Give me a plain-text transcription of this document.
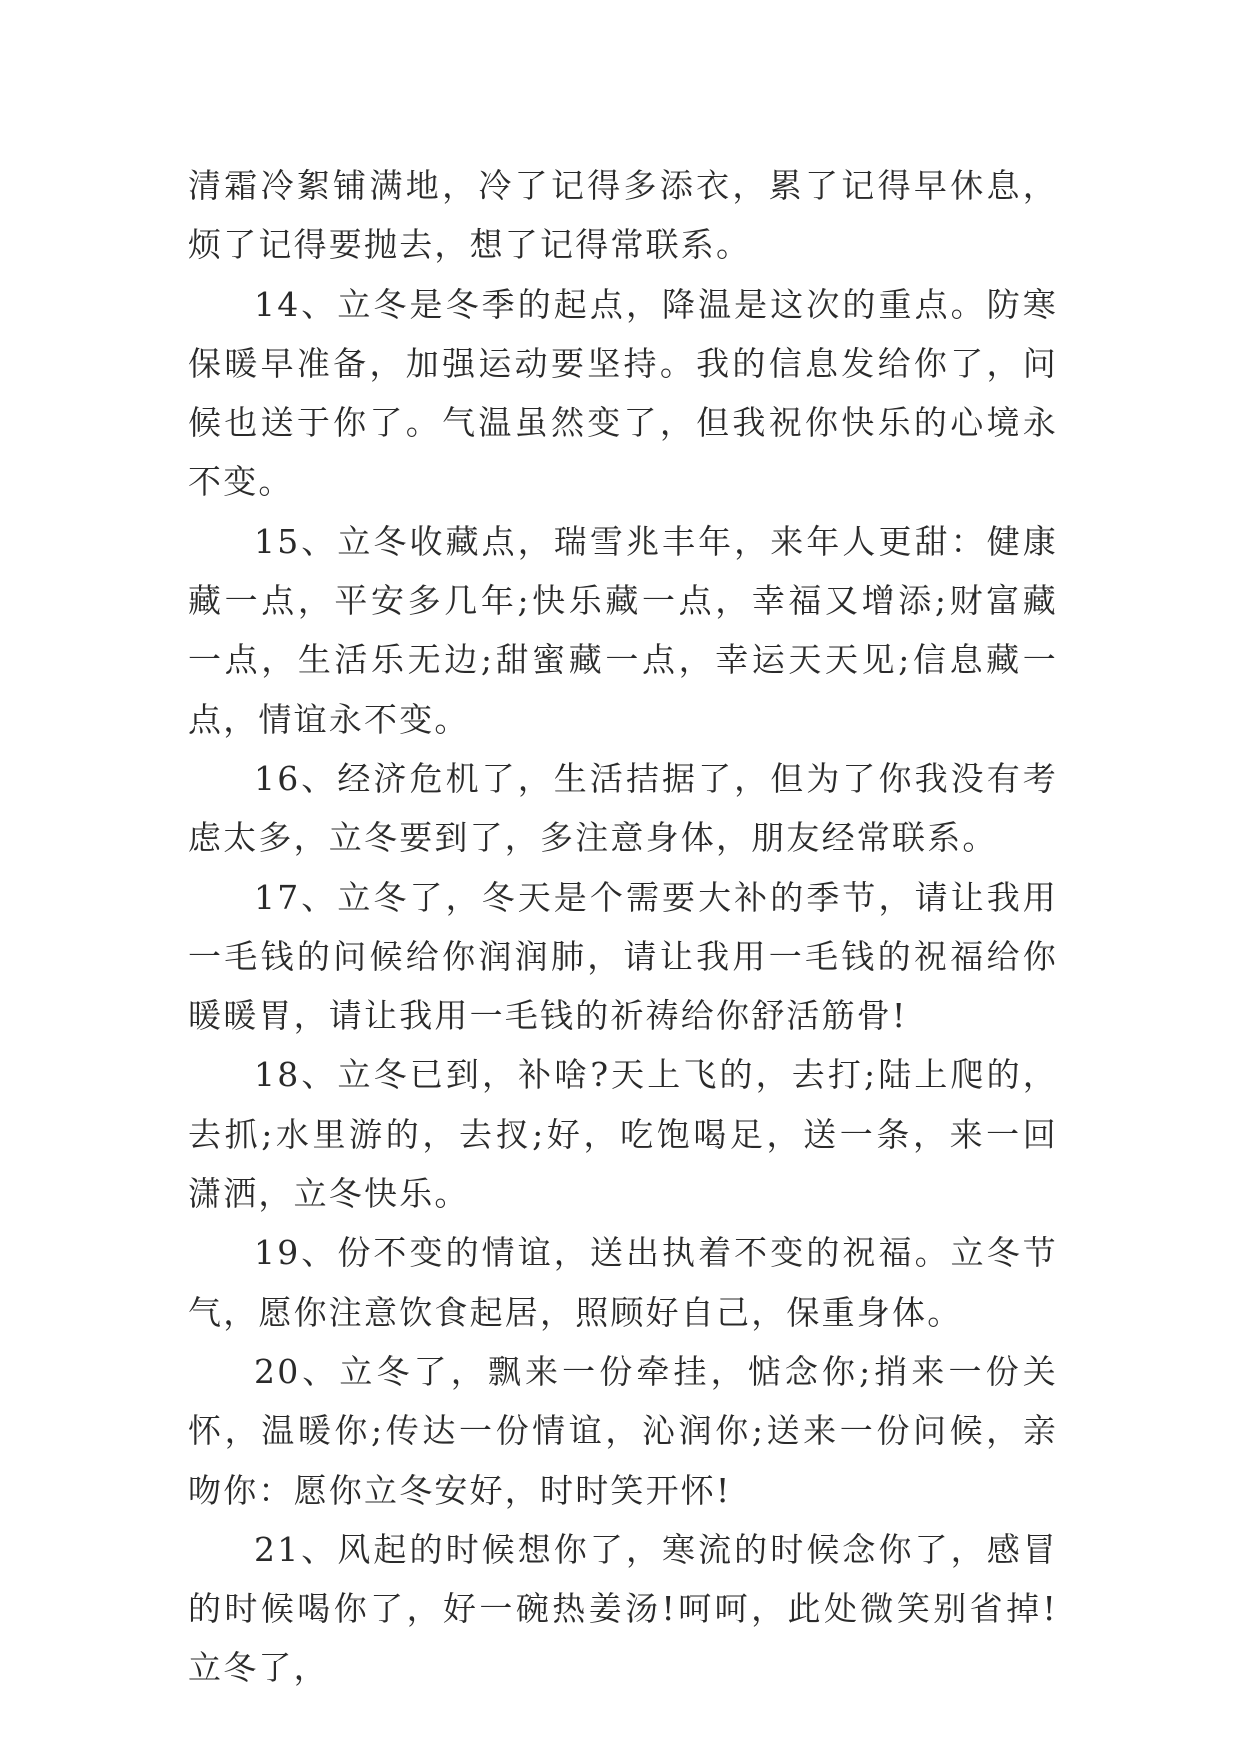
清霜冷絮铺满地，冷了记得多添衣，累了记得早休息，烦了记得要抛去，想了记得常联系。

14、立冬是冬季的起点，降温是这次的重点。防寒保暖早准备，加强运动要坚持。我的信息发给你了，问候也送于你了。气温虽然变了，但我祝你快乐的心境永不变。

15、立冬收藏点，瑞雪兆丰年，来年人更甜：健康藏一点，平安多几年;快乐藏一点，幸福又增添;财富藏一点，生活乐无边;甜蜜藏一点，幸运天天见;信息藏一点，情谊永不变。

16、经济危机了，生活拮据了，但为了你我没有考虑太多，立冬要到了，多注意身体，朋友经常联系。

17、立冬了，冬天是个需要大补的季节，请让我用一毛钱的问候给你润润肺，请让我用一毛钱的祝福给你暖暖胃，请让我用一毛钱的祈祷给你舒活筋骨!

18、立冬已到，补啥?天上飞的，去打;陆上爬的，去抓;水里游的，去扠;好，吃饱喝足，送一条，来一回潇洒，立冬快乐。

19、份不变的情谊，送出执着不变的祝福。立冬节气，愿你注意饮食起居，照顾好自己，保重身体。

20、立冬了，飘来一份牵挂，惦念你;捎来一份关怀，温暖你;传达一份情谊，沁润你;送来一份问候，亲吻你：愿你立冬安好，时时笑开怀!

21、风起的时候想你了，寒流的时候念你了，感冒的时候喝你了，好一碗热姜汤!呵呵，此处微笑别省掉!立冬了，
